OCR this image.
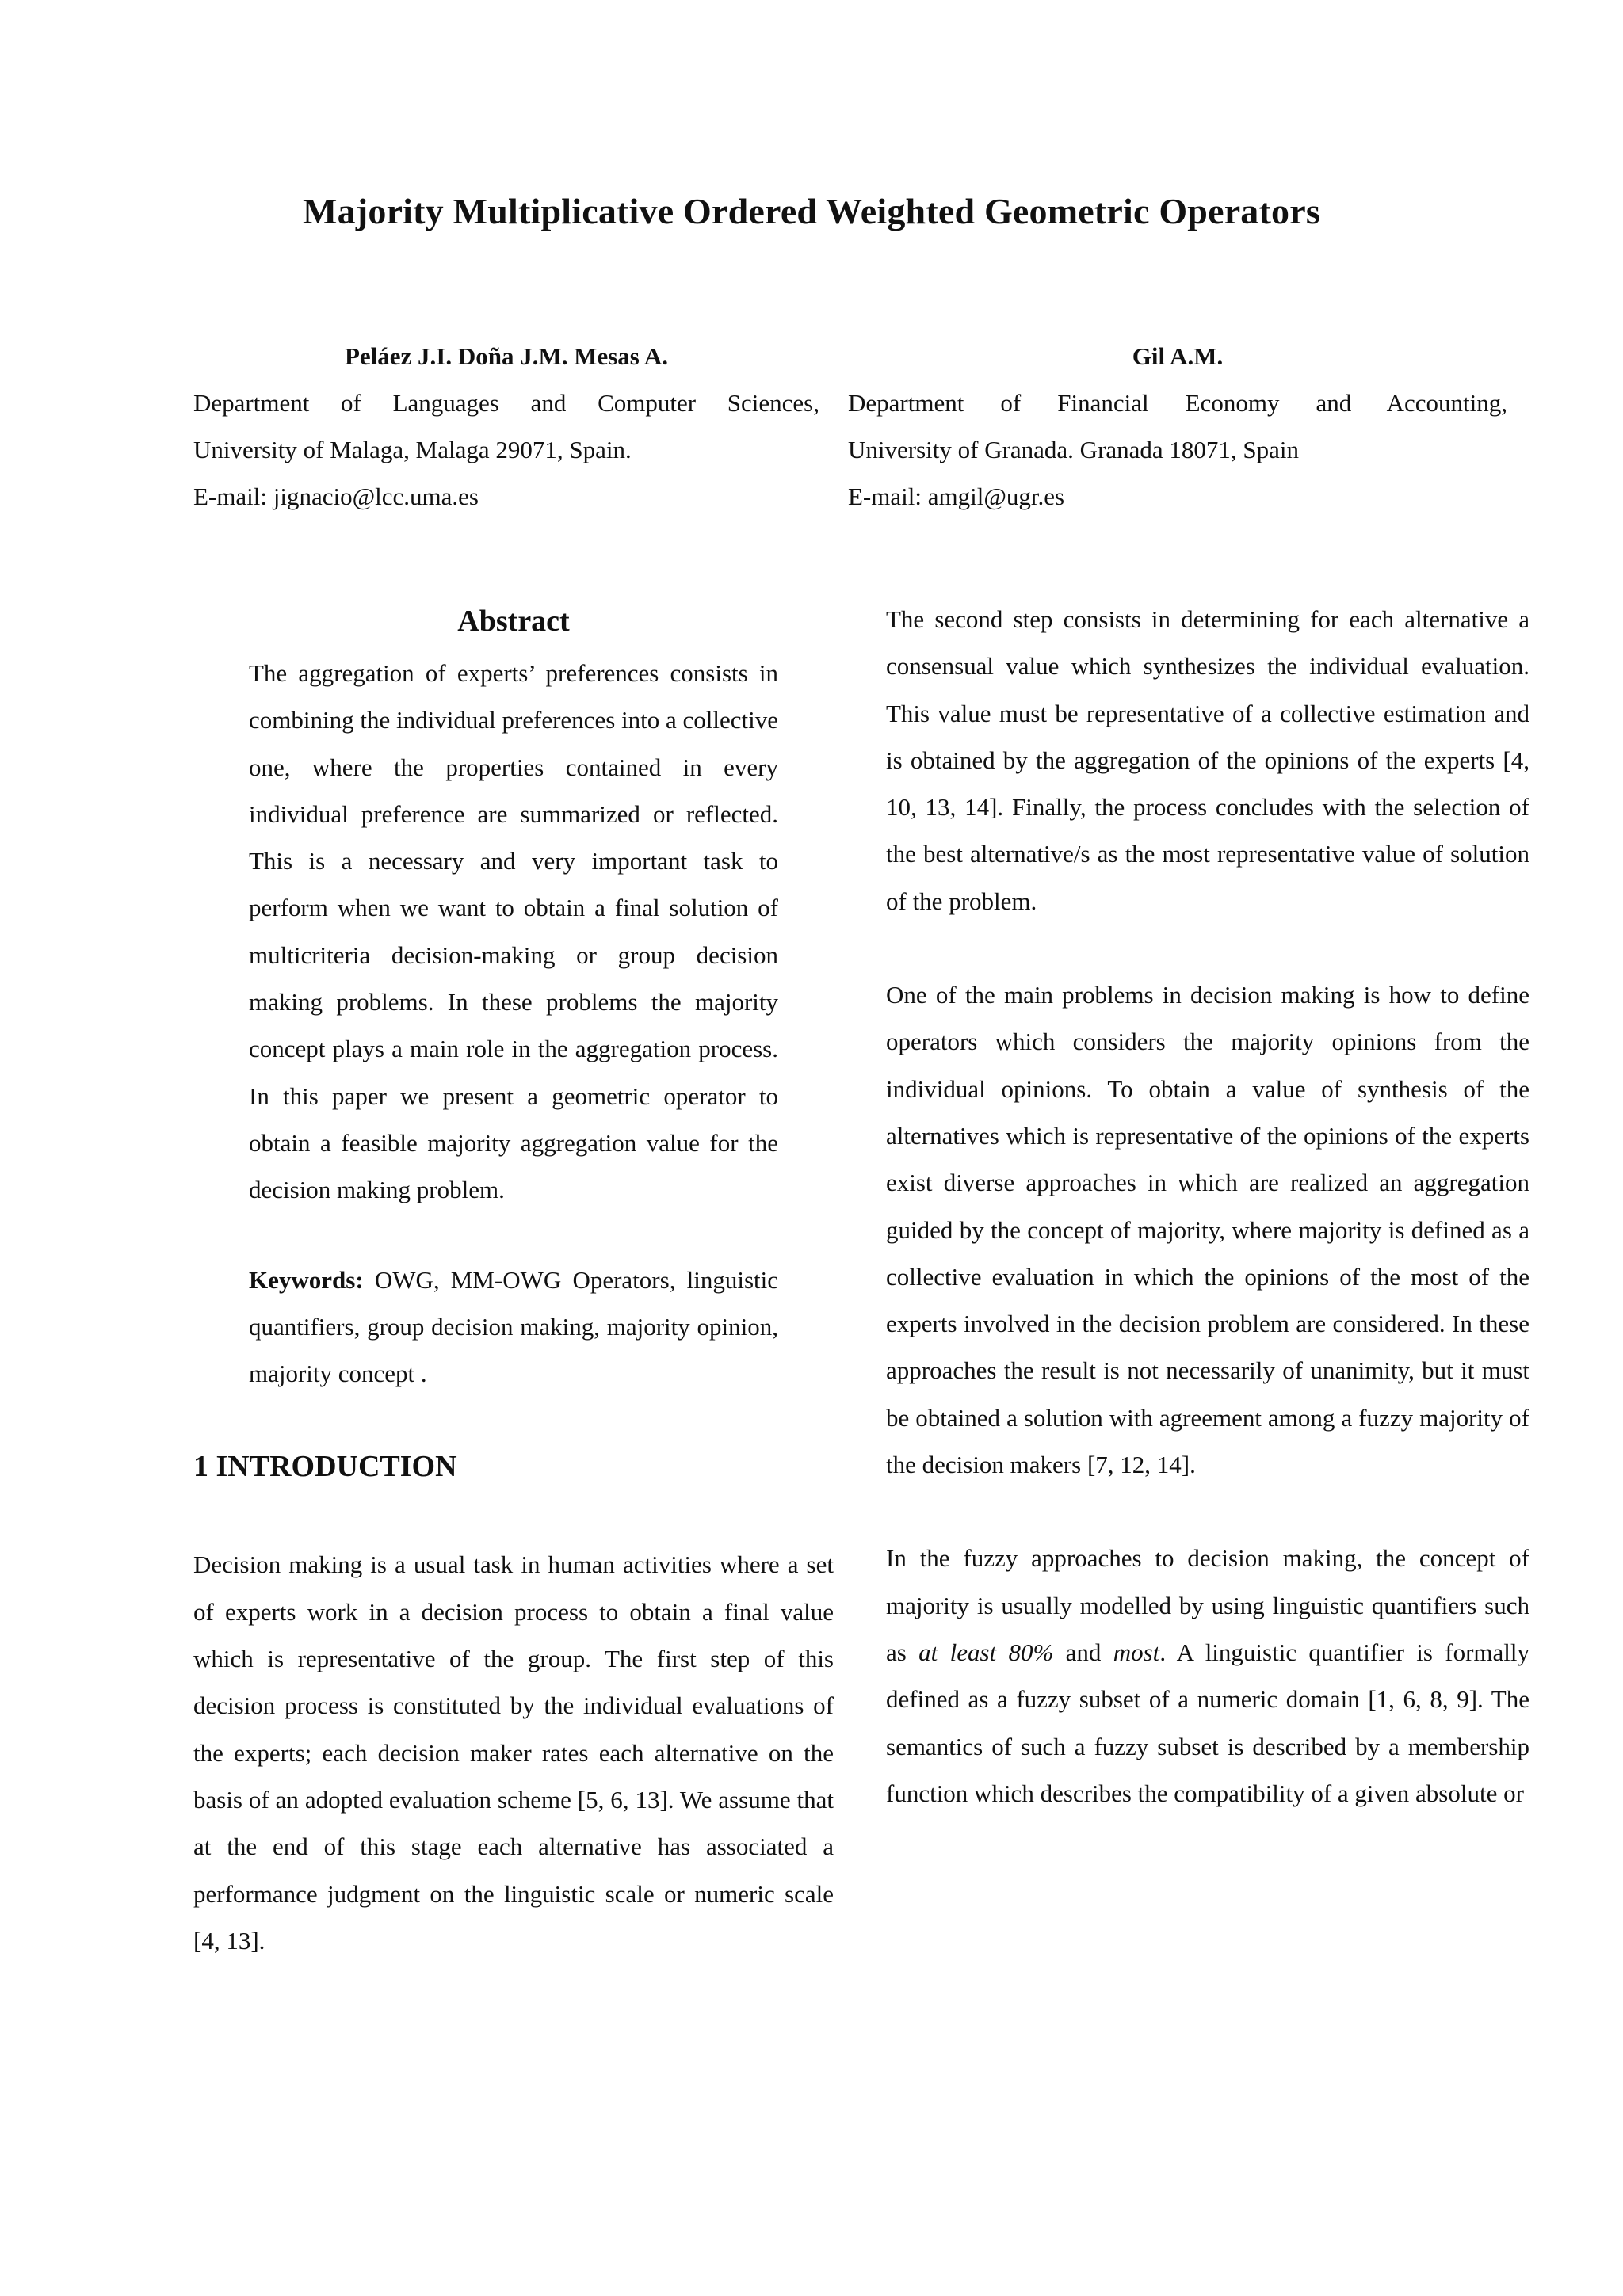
Majority Multiplicative Ordered Weighted Geometric Operators
Peláez J.I. Doña J.M. Mesas A.
Department of Languages and Computer Sciences,
University of Malaga, Malaga 29071, Spain.
E-mail: jignacio@lcc.uma.es
Gil A.M.
Department of Financial Economy and Accounting,
University of Granada. Granada 18071, Spain
E-mail: amgil@ugr.es
Abstract

The aggregation of experts’ preferences consists in combining the individual preferences into a collective one, where the properties contained in every individual preference are summarized or reflected. This is a necessary and very important task to perform when we want to obtain a final solution of multicriteria decision-making or group decision making problems. In these problems the majority concept plays a main role in the aggregation process. In this paper we present a geometric operator to obtain a feasible majority aggregation value for the decision making problem.

Keywords: OWG, MM-OWG Operators, linguistic quantifiers, group decision making, majority opinion, majority concept .

1 INTRODUCTION

Decision making is a usual task in human activities where a set of experts work in a decision process to obtain a final value which is representative of the group. The first step of this decision process is constituted by the individual evaluations of the experts; each decision maker rates each alternative on the basis of an adopted evaluation scheme [5, 6, 13]. We assume that at the end of this stage each alternative has associated a performance judgment on the linguistic scale or numeric scale [4, 13].

The second step consists in determining for each alternative a consensual value which synthesizes the individual evaluation. This value must be representative of a collective estimation and is obtained by the aggregation of the opinions of the experts [4, 10, 13, 14]. Finally, the process concludes with the selection of the best alternative/s as the most representative value of solution of the problem.

One of the main problems in decision making is how to define operators which considers the majority opinions from the individual opinions. To obtain a value of synthesis of the alternatives which is representative of the opinions of the experts exist diverse approaches in which are realized an aggregation guided by the concept of majority, where majority is defined as a collective evaluation in which the opinions of the most of the experts involved in the decision problem are considered. In these approaches the result is not necessarily of unanimity, but it must be obtained a solution with agreement among a fuzzy majority of the decision makers [7, 12, 14].

In the fuzzy approaches to decision making, the concept of majority is usually modelled by using linguistic quantifiers such as at least 80% and most. A linguistic quantifier is formally defined as a fuzzy subset of a numeric domain [1, 6, 8, 9]. The semantics of such a fuzzy subset is described by a membership function which describes the compatibility of a given absolute or
